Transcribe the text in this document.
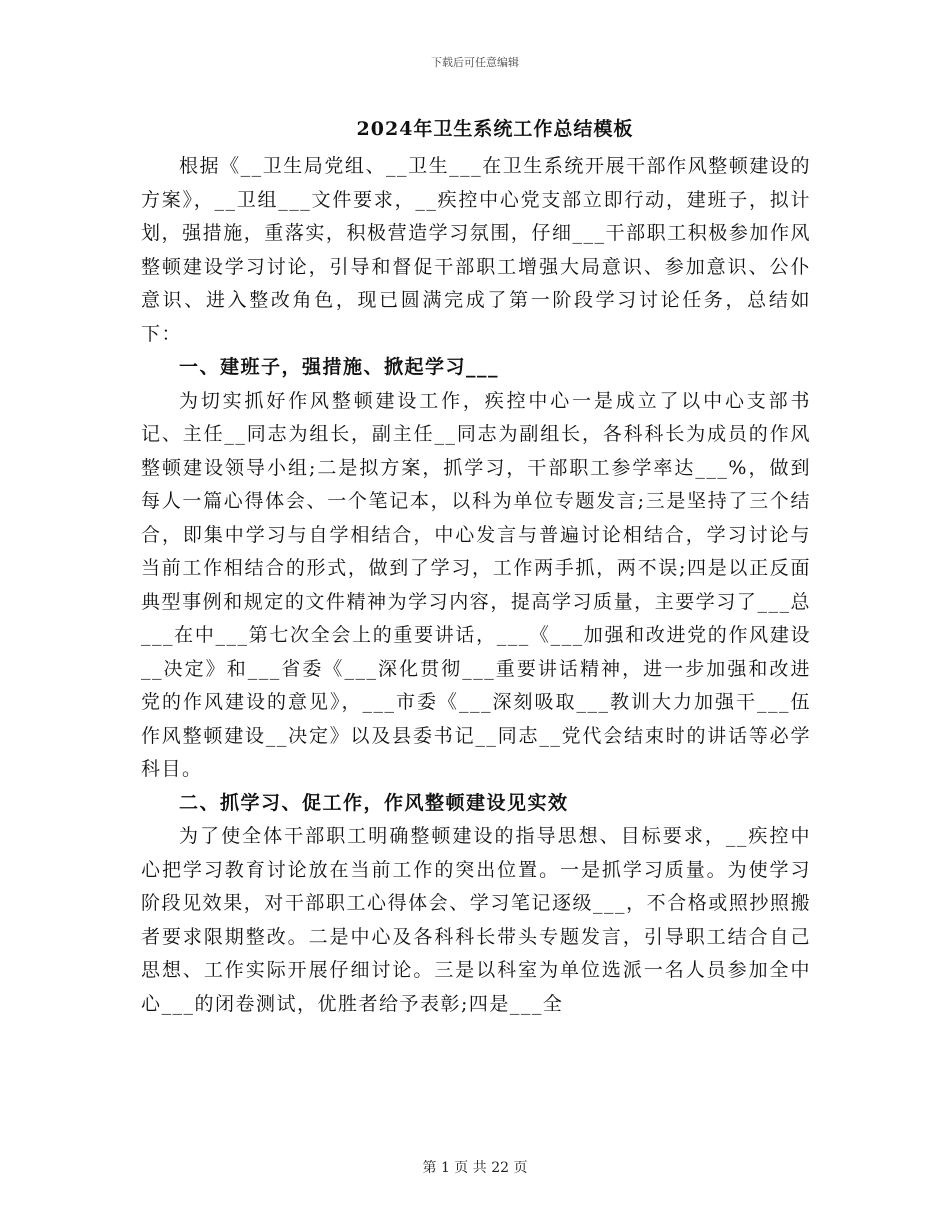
下载后可任意编辑
2024年卫生系统工作总结模板

根据《__卫生局党组、__卫生___在卫生系统开展干部作风整顿建设的方案》，__卫组___文件要求，__疾控中心党支部立即行动，建班子，拟计划，强措施，重落实，积极营造学习氛围，仔细___干部职工积极参加作风整顿建设学习讨论，引导和督促干部职工增强大局意识、参加意识、公仆意识、进入整改角色，现已圆满完成了第一阶段学习讨论任务，总结如下：

一、建班子，强措施、掀起学习___

为切实抓好作风整顿建设工作，疾控中心一是成立了以中心支部书记、主任__同志为组长，副主任__同志为副组长，各科科长为成员的作风整顿建设领导小组;二是拟方案，抓学习，干部职工参学率达___%，做到每人一篇心得体会、一个笔记本，以科为单位专题发言;三是坚持了三个结合，即集中学习与自学相结合，中心发言与普遍讨论相结合，学习讨论与当前工作相结合的形式，做到了学习，工作两手抓，两不误;四是以正反面典型事例和规定的文件精神为学习内容，提高学习质量，主要学习了___总___在中___第七次全会上的重要讲话，___《___加强和改进党的作风建设__决定》和___省委《___深化贯彻___重要讲话精神，进一步加强和改进党的作风建设的意见》，___市委《___深刻吸取___教训大力加强干___伍作风整顿建设__决定》以及县委书记__同志__党代会结束时的讲话等必学科目。

二、抓学习、促工作，作风整顿建设见实效

为了使全体干部职工明确整顿建设的指导思想、目标要求，__疾控中心把学习教育讨论放在当前工作的突出位置。一是抓学习质量。为使学习阶段见效果，对干部职工心得体会、学习笔记逐级___，不合格或照抄照搬者要求限期整改。二是中心及各科科长带头专题发言，引导职工结合自己思想、工作实际开展仔细讨论。三是以科室为单位选派一名人员参加全中心___的闭卷测试，优胜者给予表彰;四是___全

第 1 页 共 22 页
